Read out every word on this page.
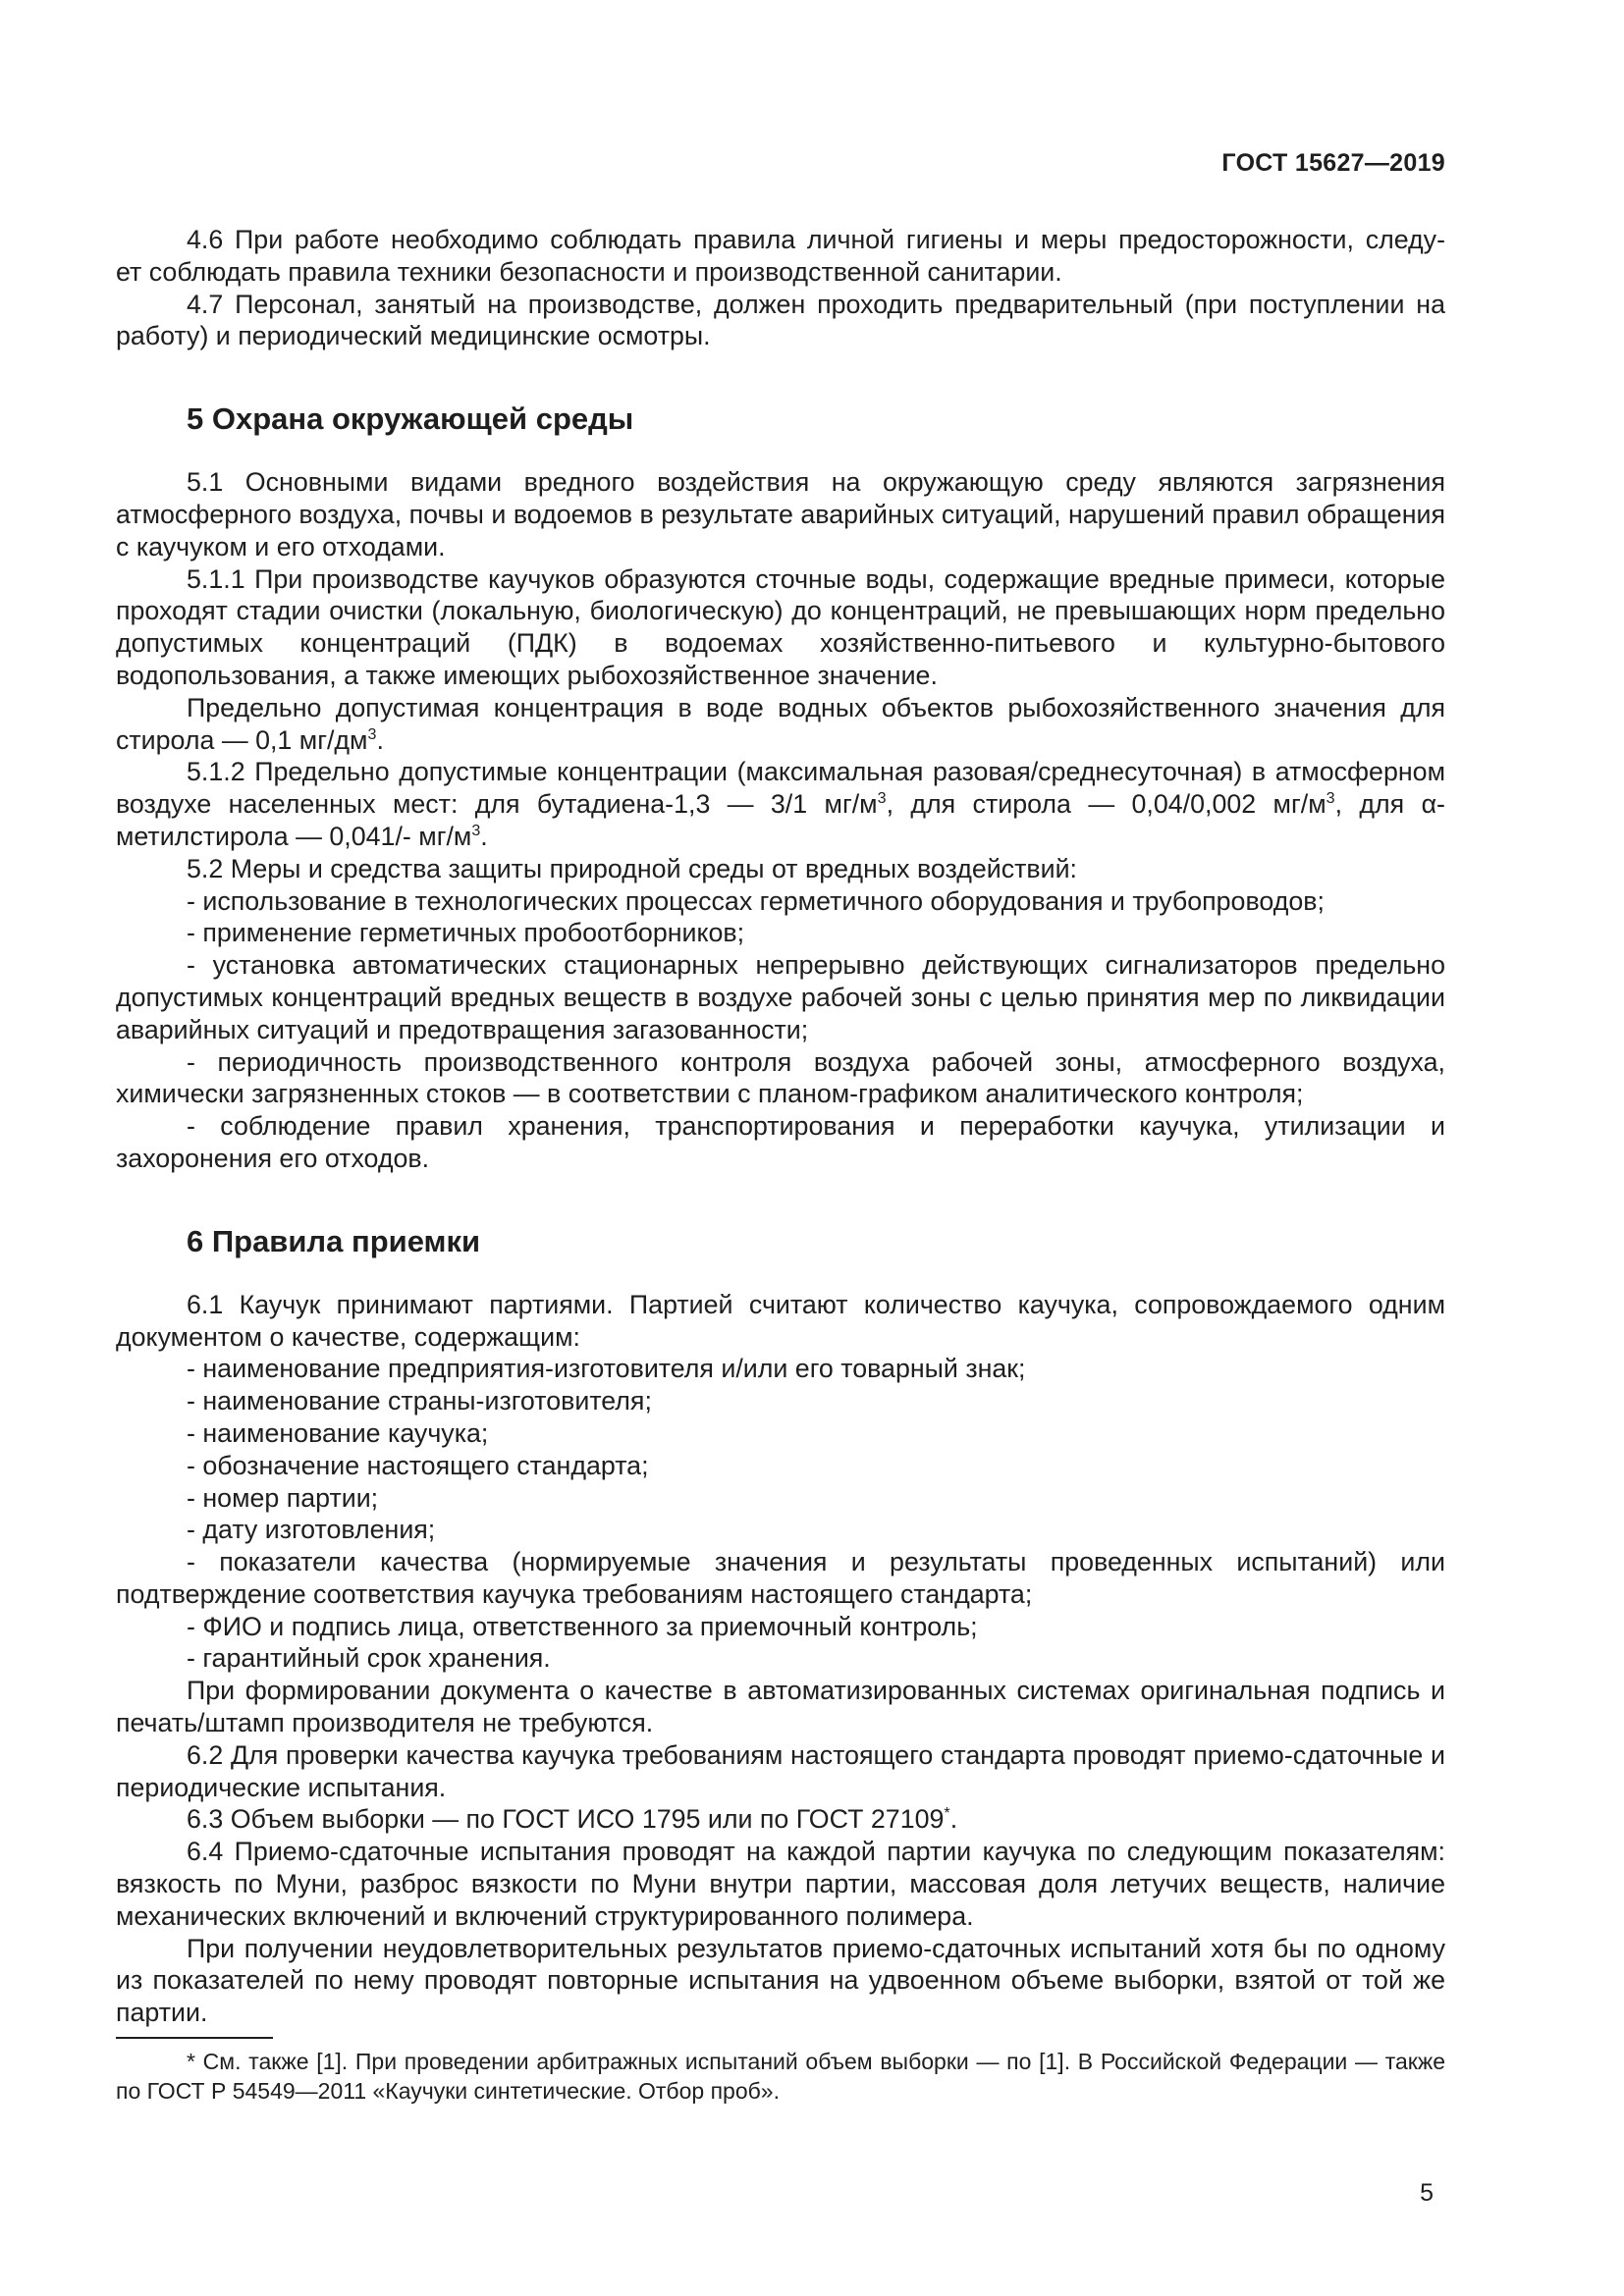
ГОСТ 15627—2019

4.6 При работе необходимо соблюдать правила личной гигиены и меры предосторожности, следу-

ет соблюдать правила техники безопасности и производственной санитарии.

4.7 Персонал, занятый на производстве, должен проходить предварительный (при поступлении на работу) и периодический медицинские осмотры.

5 Охрана окружающей среды

5.1 Основными видами вредного воздействия на окружающую среду являются загрязнения атмосферного воздуха, почвы и водоемов в результате аварийных ситуаций, нарушений правил обращения с каучуком и его отходами.

5.1.1 При производстве каучуков образуются сточные воды, содержащие вредные примеси, которые проходят стадии очистки (локальную, биологическую) до концентраций, не превышающих норм предельно допустимых концентраций (ПДК) в водоемах хозяйственно-питьевого и культурно-бытового водопользования, а также имеющих рыбохозяйственное значение.

Предельно допустимая концентрация в воде водных объектов рыбохозяйственного значения для стирола — 0,1 $мг/дм^3$.

5.1.2 Предельно допустимые концентрации (максимальная разовая/среднесуточная) в атмосферном воздухе населенных мест: для бутадиена-1,3 — 3/1 $мг/м^3$, для стирола — 0,04/0,002 $мг/м^3$, для α-метилстирола — 0,041/- $мг/м^3$.

5.2 Меры и средства защиты природной среды от вредных воздействий:

- использование в технологических процессах герметичного оборудования и трубопроводов;

- применение герметичных пробоотборников;

- установка автоматических стационарных непрерывно действующих сигнализаторов предельно допустимых концентраций вредных веществ в воздухе рабочей зоны с целью принятия мер по ликвидации аварийных ситуаций и предотвращения загазованности;

- периодичность производственного контроля воздуха рабочей зоны, атмосферного воздуха, химически загрязненных стоков — в соответствии с планом-графиком аналитического контроля;

- соблюдение правил хранения, транспортирования и переработки каучука, утилизации и захоронения его отходов.

6 Правила приемки

6.1 Каучук принимают партиями. Партией считают количество каучука, сопровождаемого одним документом о качестве, содержащим:

- наименование предприятия-изготовителя и/или его товарный знак;

- наименование страны-изготовителя;

- наименование каучука;

- обозначение настоящего стандарта;

- номер партии;

- дату изготовления;

- показатели качества (нормируемые значения и результаты проведенных испытаний) или подтверждение соответствия каучука требованиям настоящего стандарта;

- ФИО и подпись лица, ответственного за приемочный контроль;

- гарантийный срок хранения.

При формировании документа о качестве в автоматизированных системах оригинальная подпись и печать/штамп производителя не требуются.

6.2 Для проверки качества каучука требованиям настоящего стандарта проводят приемо-сдаточные и периодические испытания.

6.3 Объем выборки — по ГОСТ ИСО 1795 или по ГОСТ 27109*.

6.4 Приемо-сдаточные испытания проводят на каждой партии каучука по следующим показателям: вязкость по Муни, разброс вязкости по Муни внутри партии, массовая доля летучих веществ, наличие механических включений и включений структурированного полимера.

При получении неудовлетворительных результатов приемо-сдаточных испытаний хотя бы по одному из показателей по нему проводят повторные испытания на удвоенном объеме выборки, взятой от той же партии.

* См. также [1]. При проведении арбитражных испытаний объем выборки — по [1]. В Российской Федерации — также по ГОСТ Р 54549—2011 «Каучуки синтетические. Отбор проб».

5
